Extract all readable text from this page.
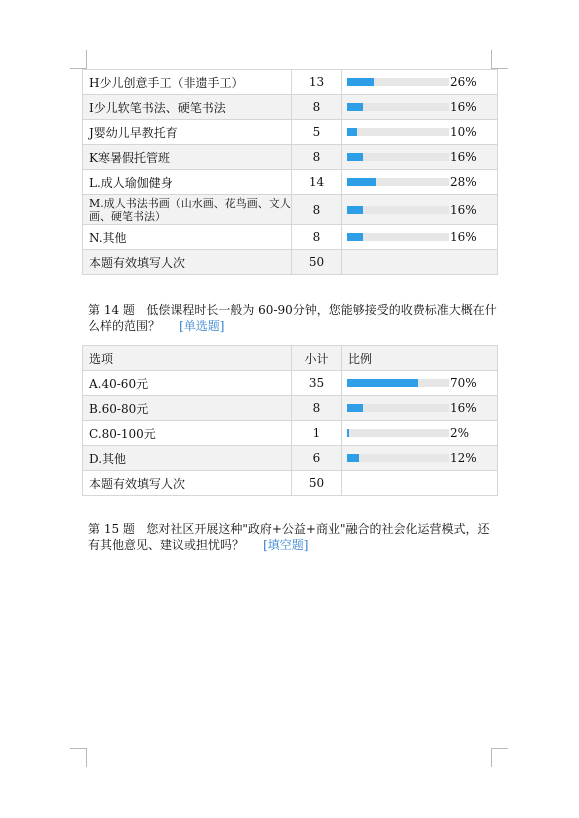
H少儿创意手工（非遗手工）	13	26%

I少儿软笔书法、硬笔书法	8	16%

J婴幼儿早教托育	5	10%

K寒暑假托管班	8	16%

L.成人瑜伽健身	14	28%

M.成人书法书画（山水画、花鸟画、文人画、硬笔书法）	8	16%

N.其他	8	16%

本题有效填写人次	50	
第 14 题 低偿课程时长一般为 60-90分钟，您能够接受的收费标准大概在什么样的范围？ [单选题]
选项	小计	比例
A.40-60元	35	70%

B.60-80元	8	16%

C.80-100元	1	2%

D.其他	6	12%

本题有效填写人次	50	
第 15 题 您对社区开展这种"政府+公益+商业"融合的社会化运营模式，还有其他意见、建议或担忧吗？ [填空题]
